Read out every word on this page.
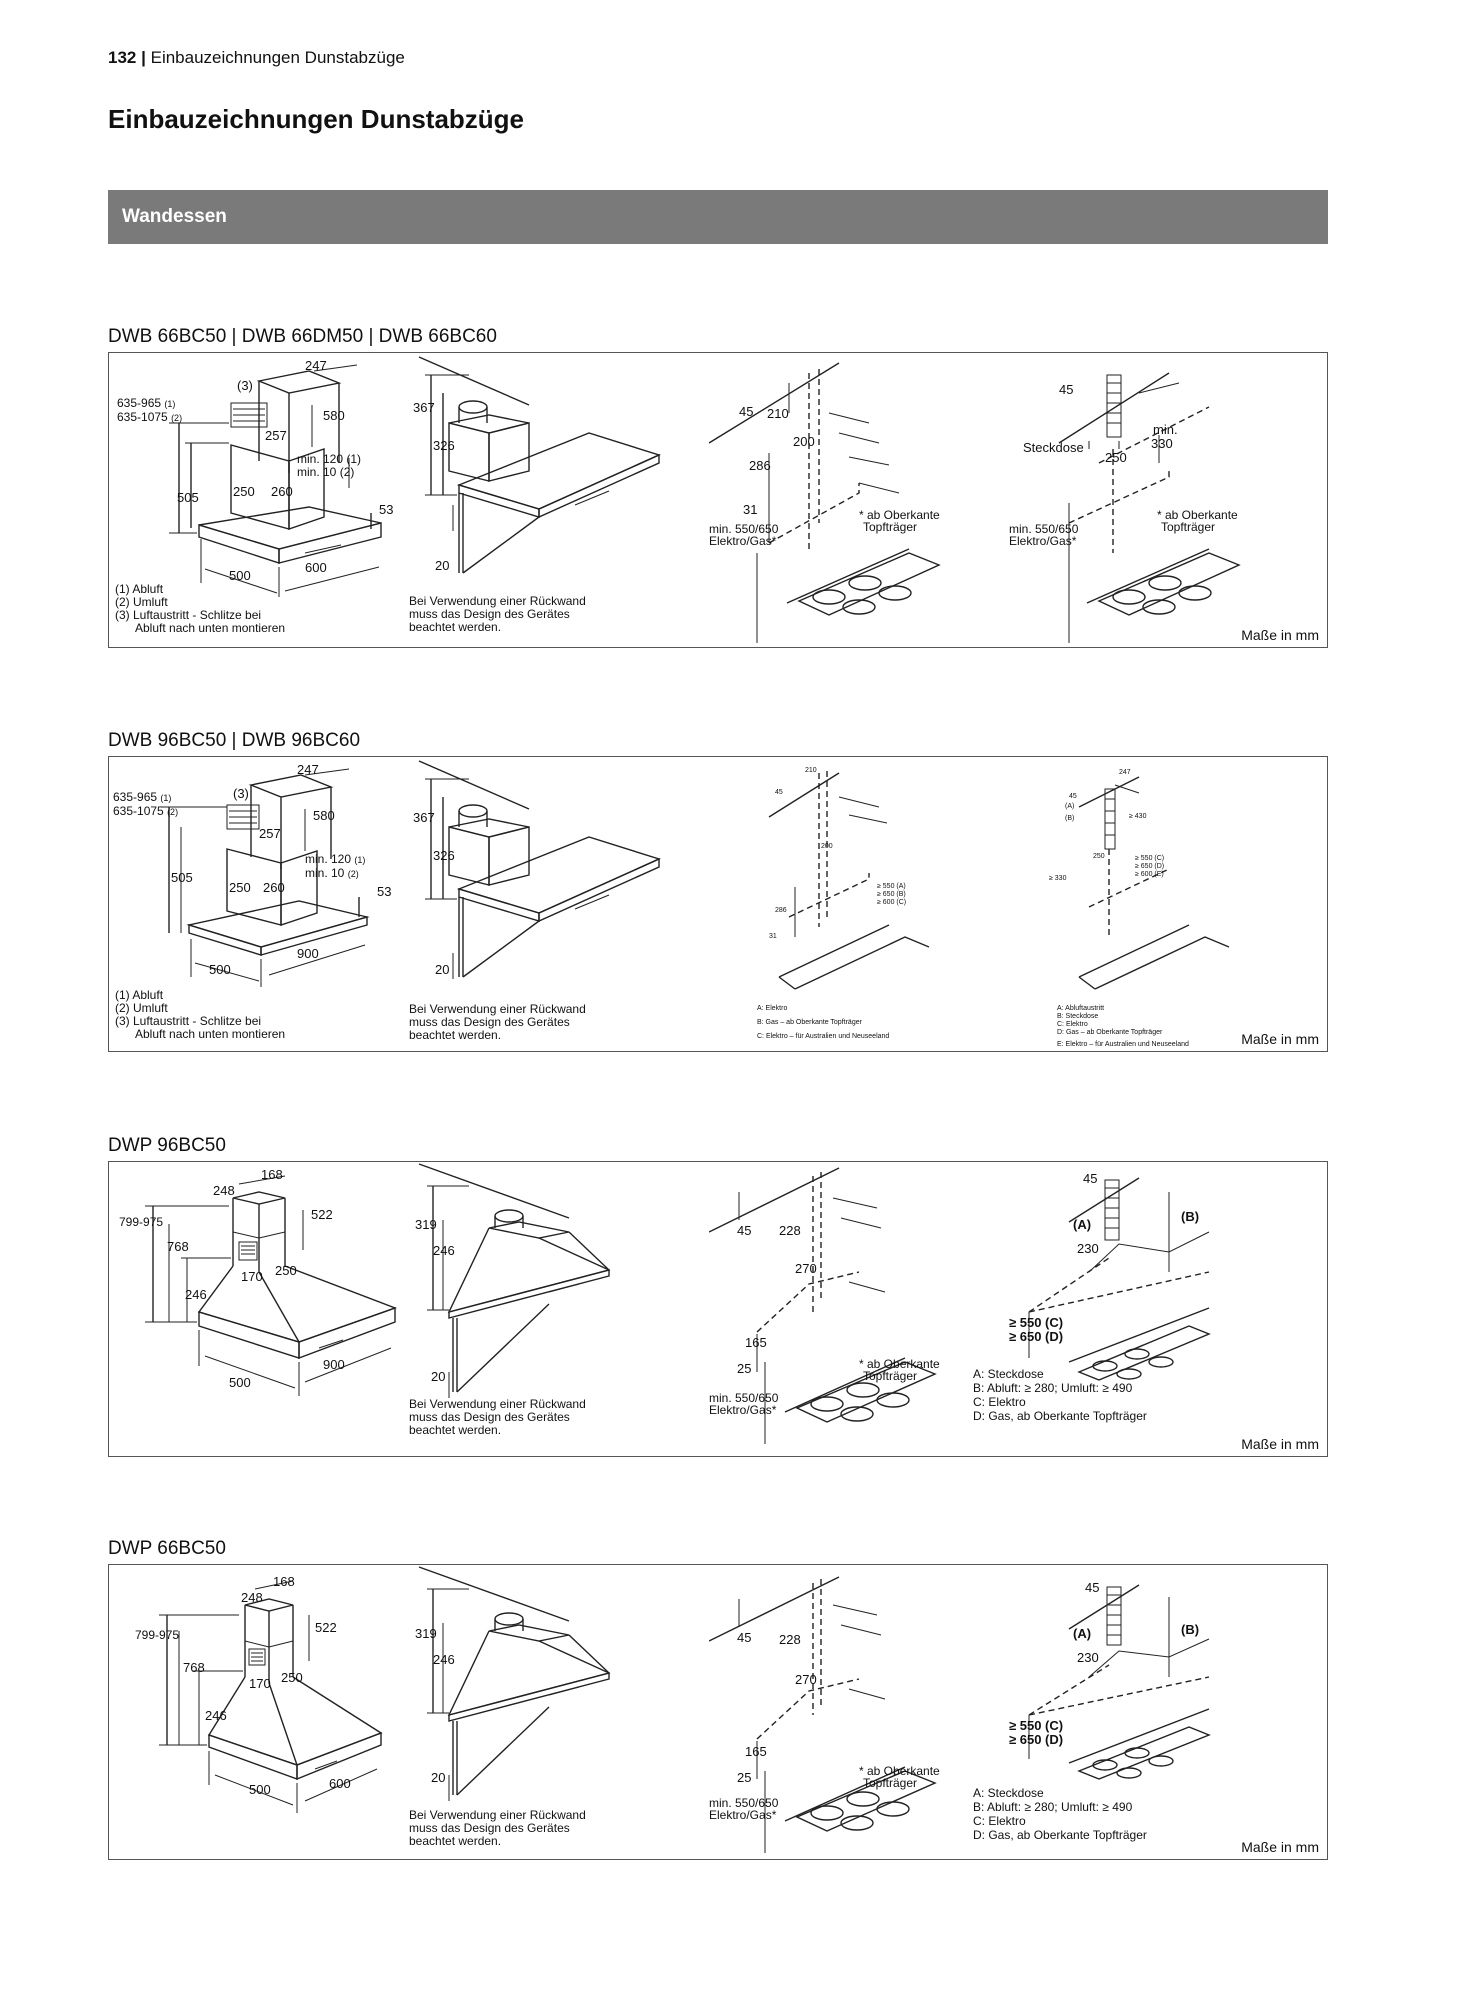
132 | Einbauzeichnungen Dunstabzüge
Einbauzeichnungen Dunstabzüge
Wandessen
DWB 66BC50 | DWB 66DM50 | DWB 66BC60
247
(3)
635-965 (1)
635-1075 (2)	580
257
min. 120 (1)
min. 10 (2)
505	250 260
53
600
500
(1) Abluft
(2) Umluft
(3) Luftaustritt - Schlitze bei
Abluft nach unten montieren
367
326
20
Bei Verwendung einer Rückwand
muss das Design des Gerätes
beachtet werden.
45 210
200
286
31
min. 550/650
Elektro/Gas*
* ab Oberkante
Topfträger
45
Steckdose
250
min.
330
min. 550/650
Elektro/Gas*
* ab Oberkante
Topfträger
Maße in mm
DWB 96BC50 | DWB 96BC60
247
(3)
635-965 (1)
635-1075 (2)	580
257
min. 120 (1)
min. 10 (2)
505
250 260	53
900
500
(1) Abluft
(2) Umluft
(3) Luftaustritt - Schlitze bei
Abluft nach unten montieren
367
326
20
Bei Verwendung einer Rückwand
muss das Design des Gerätes
beachtet werden.
210
45
200
286
31
≥ 550 (A)
≥ 650 (B)
≥ 600 (C)
A: Elektro
B: Gas – ab Oberkante Topfträger
C: Elektro – für Australien und Neuseeland
247
45
(A)
(B)	≥ 430
250
≥ 330
≥ 550 (C)
≥ 650 (D)
≥ 600 (E)
A: Abluftaustritt
B: Steckdose
C: Elektro
D: Gas – ab Oberkante Topfträger
E: Elektro – für Australien und Neuseeland	Maße in mm
DWP 96BC50
168
248
799-975	522
768
170 250
246
500
900
319
246
20
Bei Verwendung einer Rückwand
muss das Design des Gerätes
beachtet werden.
45 228
270
165
25
min. 550/650
Elektro/Gas*
* ab Oberkante
Topfträger
45
(A)
(B)
230
≥ 550 (C)
≥ 650 (D)
A: Steckdose
B: Abluft: ≥ 280; Umluft: ≥ 490
C: Elektro
D: Gas, ab Oberkante Topfträger
Maße in mm
DWP 66BC50
168
248
799-975	522
768
170 250
246
500	600
319
246
20
Bei Verwendung einer Rückwand
muss das Design des Gerätes
beachtet werden.
45 228
270
165
25
min. 550/650
Elektro/Gas*
* ab Oberkante
Topfträger
45
(A)	(B)
230
≥ 550 (C)
≥ 650 (D)
A: Steckdose
B: Abluft: ≥ 280; Umluft: ≥ 490
C: Elektro
D: Gas, ab Oberkante Topfträger
Maße in mm
